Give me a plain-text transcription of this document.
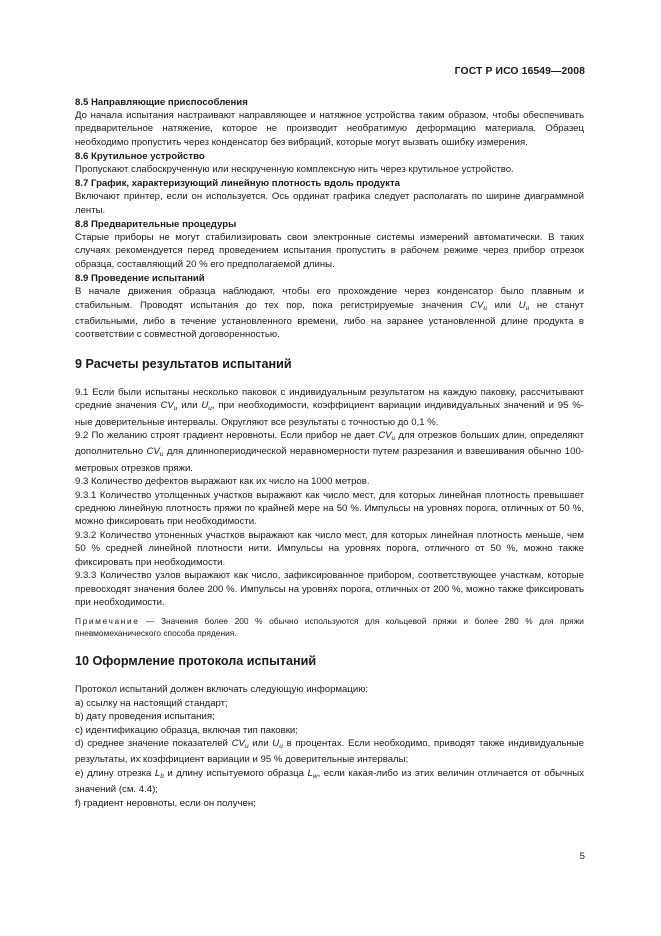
ГОСТ Р ИСО 16549—2008

8.5 Направляющие приспособления

До начала испытания настраивают направляющее и натяжное устройства таким образом, чтобы обеспечивать предварительное натяжение, которое не производит необратимую деформацию материала. Образец необходимо пропустить через конденсатор без вибраций, которые могут вызвать ошибку измерения.

8.6 Крутильное устройство

Пропускают слабоскрученную или нескрученную комплексную нить через крутильное устройство.

8.7 График, характеризующий линейную плотность вдоль продукта

Включают принтер, если он используется. Ось ординат графика следует располагать по ширине диаграммной ленты.

8.8 Предварительные процедуры

Старые приборы не могут стабилизировать свои электронные системы измерений автоматически. В таких случаях рекомендуется перед проведением испытания пропустить в рабочем режиме через прибор отрезок образца, составляющий 20 % его предполагаемой длины.

8.9 Проведение испытаний

В начале движения образца наблюдают, чтобы его прохождение через конденсатор было плавным и стабильным. Проводят испытания до тех пор, пока регистрируемые значения $CV_u$ или $U_u$ не станут стабильными, либо в течение установленного времени, либо на заранее установленной длине продукта в соответствии с совместной договоренностью.

9 Расчеты результатов испытаний

9.1 Если были испытаны несколько паковок с индивидуальным результатом на каждую паковку, рассчитывают средние значения $CV_u$ или $U_u$, при необходимости, коэффициент вариации индивидуальных значений и 95 %-ные доверительные интервалы. Округляют все результаты с точностью до 0,1 %.

9.2 По желанию строят градиент неровноты. Если прибор не дает $CV_u$ для отрезков больших длин, определяют дополнительно $CV_u$ для длиннопериодической неравномерности путем разрезания и взвешивания обычно 100-метровых отрезков пряжи.

9.3 Количество дефектов выражают как их число на 1000 метров.

9.3.1 Количество утолщенных участков выражают как число мест, для которых линейная плотность превышает среднюю линейную плотность пряжи по крайней мере на 50 %. Импульсы на уровнях порога, отличных от 50 %, можно фиксировать при необходимости.

9.3.2 Количество утоненных участков выражают как число мест, для которых линейная плотность меньше, чем 50 % средней линейной плотности нити. Импульсы на уровнях порога, отличного от 50 %, можно также фиксировать при необходимости.

9.3.3 Количество узлов выражают как число, зафиксированное прибором, соответствующее участкам, которые превосходят значения более 200 %. Импульсы на уровнях порога, отличных от 200 %, можно также фиксировать при необходимости.

Примечание — Значения более 200 % обычно используются для кольцевой пряжи и более 280 % для пряжи пневмомеханического способа прядения.

10 Оформление протокола испытаний

Протокол испытаний должен включать следующую информацию:

a) ссылку на настоящий стандарт;

b) дату проведения испытания;

c) идентификацию образца, включая тип паковки;

d) среднее значение показателей $CV_u$ или $U_u$ в процентах. Если необходимо, приводят также индивидуальные результаты, их коэффициент вариации и 95 % доверительные интервалы;

e) длину отрезка $L_b$ и длину испытуемого образца $L_w$, если какая-либо из этих величин отличается от обычных значений (см. 4.4);

f) градиент неровноты, если он получен;

5
